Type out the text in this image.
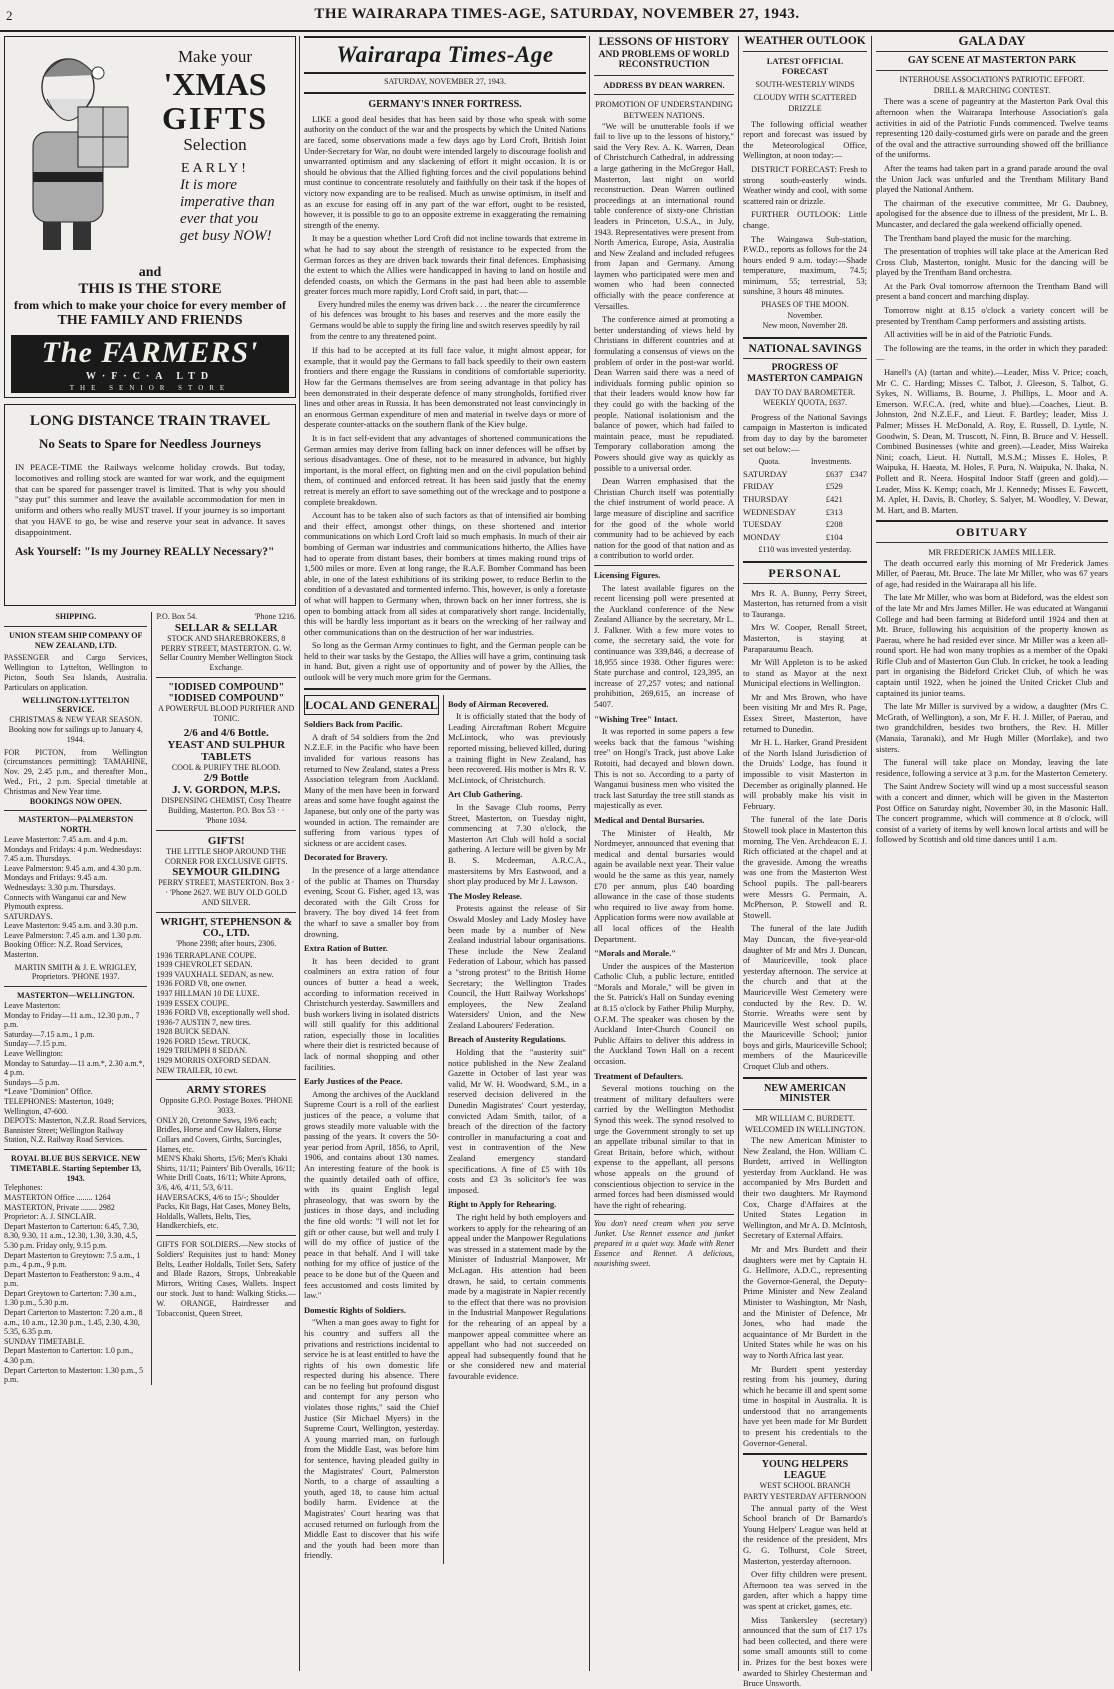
2	THE WAIRARAPA TIMES-AGE, SATURDAY, NOVEMBER 27, 1943.
Make your
'XMAS
GIFTS
Selection
EARLY!
It is more imperative than ever that you get busy NOW!
and
THIS IS THE STORE
from which to make your choice for every member of
THE FAMILY AND FRIENDS
The FARMERS'
W·F·C·A LTD
THE SENIOR STORE
LONG DISTANCE TRAIN TRAVEL
No Seats to Spare for Needless Journeys
IN PEACE-TIME the Railways welcome holiday crowds. But today, locomotives and rolling stock are wanted for war work, and the equipment that can be spared for passenger travel is limited. That is why you should "stay put" this summer and leave the available accommodation for men in uniform and others who really MUST travel. If your journey is so important that you HAVE to go, be wise and reserve your seat in advance. It saves disappointment.
Ask Yourself: "Is my Journey REALLY Necessary?"
SHIPPING.
UNION STEAM SHIP COMPANY OF NEW ZEALAND, LTD.
PASSENGER and Cargo Services, Wellington to Lyttelton, Wellington to Picton, South Sea Islands, Australia. Particulars on application.
WELLINGTON-LYTTELTON SERVICE.
CHRISTMAS & NEW YEAR SEASON.
Booking now for sailings up to January 4, 1944.
FOR PICTON, from Wellington (circumstances permitting): TAMAHINE, Nov. 29, 2.45 p.m., and thereafter Mon., Wed., Fri., 2 p.m. Special timetable at Christmas and New Year time.
BOOKINGS NOW OPEN.
MASTERTON—PALMERSTON NORTH.
Leave Masterton: 7.45 a.m. and 4 p.m. Mondays and Fridays: 4 p.m. Wednesdays: 7.45 a.m. Thursdays.
Leave Palmerston: 9.45 a.m. and 4.30 p.m. Mondays and Fridays: 9.45 a.m. Wednesdays: 3.30 p.m. Thursdays.
Connects with Wanganui car and New Plymouth express.
SATURDAYS.
Leave Masterton: 9.45 a.m. and 3.30 p.m.
Leave Palmerston: 7.45 a.m. and 1.30 p.m.
Booking Office: N.Z. Road Services, Masterton.
MARTIN SMITH & J. E. WRIGLEY, Proprietors. 'PHONE 1937.
MASTERTON—WELLINGTON.
Leave Masterton:
Monday to Friday—11 a.m., 12.30 p.m., 7 p.m.
Saturday—7.15 a.m., 1 p.m.
Sunday—7.15 p.m.
Leave Wellington:
Monday to Saturday—11 a.m.*, 2.30 a.m.*, 4 p.m.
Sundays—5 p.m.
*Leave "Dominion" Office.
TELEPHONES: Masterton, 1049; Wellington, 47-600.
DEPOTS: Masterton, N.Z.R. Road Services, Bannister Street; Wellington Railway Station, N.Z. Railway Road Services.
ROYAL BLUE BUS SERVICE. NEW TIMETABLE. Starting September 13, 1943.
Telephones:
MASTERTON Office ........ 1264
MASTERTON, Private ........ 2982
Proprietor: A. J. SINCLAIR.
Depart Masterton to Carterton: 6.45, 7.30, 8.30, 9.30, 11 a.m., 12.30, 1.30, 3.30, 4.5, 5.30 p.m. Friday only, 9.15 p.m.
Depart Masterton to Greytown: 7.5 a.m., 1 p.m., 4 p.m., 9 p.m.
Depart Masterton to Featherston: 9 a.m., 4 p.m.
Depart Greytown to Carterton: 7.30 a.m., 1.30 p.m., 5.30 p.m.
Depart Carterton to Masterton: 7.20 a.m., 8 a.m., 10 a.m., 12.30 p.m., 1.45, 2.30, 4.30, 5.35, 6.35 p.m.
SUNDAY TIMETABLE.
Depart Masterton to Carterton: 1.0 p.m., 4.30 p.m.
Depart Carterton to Masterton: 1.30 p.m., 5 p.m.
P.O. Box 54.	'Phone 1216.
SELLAR & SELLAR
STOCK AND SHAREBROKERS, 8 PERRY STREET, MASTERTON. G. W. Sellar Country Member Wellington Stock Exchange.
"IODISED COMPOUND"
"IODISED COMPOUND"
A POWERFUL BLOOD PURIFIER AND TONIC.
2/6 and 4/6 Bottle.
YEAST AND SULPHUR TABLETS
COOL & PURIFY THE BLOOD.
2/9 Bottle
J. V. GORDON, M.P.S.
DISPENSING CHEMIST, Cosy Theatre Building, Masterton. P.O. Box 53 · · 'Phone 1034.
GIFTS!
THE LITTLE SHOP AROUND THE CORNER FOR EXCLUSIVE GIFTS.
SEYMOUR GILDING
PERRY STREET, MASTERTON. Box 3 · · 'Phone 2627. WE BUY OLD GOLD AND SILVER.
WRIGHT, STEPHENSON & CO., LTD.
'Phone 2398; after hours, 2306.
1936 TERRAPLANE COUPE.
1939 CHEVROLET SEDAN.
1939 VAUXHALL SEDAN, as new.
1936 FORD V8, one owner.
1937 HILLMAN 10 DE LUXE.
1939 ESSEX COUPE.
1936 FORD V8, exceptionally well shod.
1936-7 AUSTIN 7, new tires.
1928 BUICK SEDAN.
1926 FORD 15cwt. TRUCK.
1929 TRIUMPH 8 SEDAN.
1929 MORRIS OXFORD SEDAN.
NEW TRAILER, 10 cwt.
ARMY STORES
Opposite G.P.O. Postage Boxes. 'PHONE 3033.
ONLY 20, Cretonne Saws, 19/6 each; Bridles, Horse and Cow Halters, Horse Collars and Covers, Girths, Surcingles, Hames, etc.
MEN'S Khaki Shorts, 15/6; Men's Khaki Shirts, 11/11; Painters' Bib Overalls, 16/11; White Drill Coats, 16/11; White Aprons, 3/6, 4/6, 4/11, 5/3, 6/11.
HAVERSACKS, 4/6 to 15/-; Shoulder Packs, Kit Bags, Hat Cases, Money Belts, Holdalls, Wallets, Belts, Ties, Handkerchiefs, etc.
GIFTS FOR SOLDIERS.—New stocks of Soldiers' Requisites just to hand: Money Belts, Leather Holdalls, Toilet Sets, Safety and Blade Razors, Strops, Unbreakable Mirrors, Writing Cases, Wallets. Inspect our stock. Just to hand: Walking Sticks.—W. ORANGE, Hairdresser and Tobacconist, Queen Street.
Wairarapa Times-Age
SATURDAY, NOVEMBER 27, 1943.
GERMANY'S INNER FORTRESS.

LIKE a good deal besides that has been said by those who speak with some authority on the conduct of the war and the prospects by which the United Nations are faced, some observations made a few days ago by Lord Croft, British Joint Under-Secretary for War, no doubt were intended largely to discourage foolish and unwarranted optimism and any slackening of effort it might occasion. It is or should be obvious that the Allied fighting forces and the civil populations behind must continue to concentrate resolutely and faithfully on their task if the hopes of victory now expanding are to be realised. Much as unwise optimism, in itself and as an excuse for easing off in any part of the war effort, ought to be resisted, however, it is possible to go to an opposite extreme in exaggerating the remaining strength of the enemy.

It may be a question whether Lord Croft did not incline towards that extreme in what he had to say about the strength of resistance to be expected from the German forces as they are driven back towards their final defences. Emphasising the extent to which the Allies were handicapped in having to land on hostile and defended coasts, on which the Germans in the past had been able to assemble greater forces much more rapidly, Lord Croft said, in part, that:—

Every hundred miles the enemy was driven back . . . the nearer the circumference of his defences was brought to his bases and reserves and the more easily the Germans would be able to supply the firing line and switch reserves speedily by rail from the centre to any threatened point.

If this had to be accepted at its full face value, it might almost appear, for example, that it would pay the Germans to fall back speedily to their own eastern frontiers and there engage the Russians in conditions of comfortable superiority. How far the Germans themselves are from seeing advantage in that policy has been demonstrated in their desperate defence of many strongholds, fortified river lines and other areas in Russia. It has been demonstrated not least convincingly in an enormous German expenditure of men and material in twelve days or more of desperate counter-attacks on the southern flank of the Kiev bulge.

It is in fact self-evident that any advantages of shortened communications the German armies may derive from falling back on inner defences will be offset by serious disadvantages. One of these, not to be measured in advance, but highly important, is the moral effect, on fighting men and on the civil population behind them, of continued and enforced retreat. It has been said justly that the enemy retreat is merely an effort to save something out of the wreckage and to postpone a complete breakdown.

Account has to be taken also of such factors as that of intensified air bombing and their effect, amongst other things, on these shortened and interior communications on which Lord Croft laid so much emphasis. In much of their air bombing of German war industries and communications hitherto, the Allies have had to operate from distant bases, their bombers at times making round trips of 1,500 miles or more. Even at long range, the R.A.F. Bomber Command has been able, in one of the latest exhibitions of its striking power, to reduce Berlin to the condition of a devastated and tormented inferno. This, however, is only a foretaste of what will happen to Germany when, thrown back on her inner fortress, she is open to bombing attack from all sides at comparatively short range. Incidentally, this will be hardly less important as it bears on the wrecking of her railway and other communications than on the destruction of her war industries.

So long as the German Army continues to fight, and the German people can be held to their war tasks by the Gestapo, the Allies will have a grim, continuing task in hand. But, given a right use of opportunity and of power by the Allies, the outlook will be very much more grim for the Germans.

LOCAL AND GENERAL
Soldiers Back from Pacific.

A draft of 54 soldiers from the 2nd N.Z.E.F. in the Pacific who have been invalided for various reasons has returned to New Zealand, states a Press Association telegram from Auckland. Many of the men have been in forward areas and some have fought against the Japanese, but only one of the party was wounded in action. The remainder are suffering from various types of sickness or are accident cases.

Decorated for Bravery.

In the presence of a large attendance of the public at Thames on Thursday evening, Scout G. Fisher, aged 13, was decorated with the Gilt Cross for bravery. The boy dived 14 feet from the wharf to save a smaller boy from drowning.

Extra Ration of Butter.

It has been decided to grant coalminers an extra ration of four ounces of butter a head a week, according to information received in Christchurch yesterday. Sawmillers and bush workers living in isolated districts will still qualify for this additional ration, especially those in localities where their diet is restricted because of lack of normal shopping and other facilities.

Early Justices of the Peace.

Among the archives of the Auckland Supreme Court is a roll of the earliest justices of the peace, a volume that grows steadily more valuable with the passing of the years. It covers the 50-year period from April, 1856, to April, 1906, and contains about 130 names. An interesting feature of the book is the quaintly detailed oath of office, with its quaint English legal phraseology, that was sworn by the justices in those days, and including the fine old words: "I will not let for gift or other cause, but well and truly I will do my office of justice of the peace in that behalf. And I will take nothing for my office of justice of the peace to be done but of the Queen and fees accustomed and costs limited by law."

Domestic Rights of Soldiers.

"When a man goes away to fight for his country and suffers all the privations and restrictions incidental to service he is at least entitled to have the rights of his own domestic life respected during his absence. There can be no feeling but profound disgust and contempt for any person who violates those rights," said the Chief Justice (Sir Michael Myers) in the Supreme Court, Wellington, yesterday. A young married man, on furlough from the Middle East, was before him for sentence, having pleaded guilty in the Magistrates' Court, Palmerston North, to a charge of assaulting a youth, aged 18, to cause him actual bodily harm. Evidence at the Magistrates' Court hearing was that accused returned on furlough from the Middle East to discover that his wife and the youth had been more than friendly.

Body of Airman Recovered.

It is officially stated that the body of Leading Aircraftman Robert Mcguire McLintock, who was previously reported missing, believed killed, during a training flight in New Zealand, has been recovered. His mother is Mrs R. V. McLintock, of Christchurch.

Art Club Gathering.

In the Savage Club rooms, Perry Street, Masterton, on Tuesday night, commencing at 7.30 o'clock, the Masterton Art Club will hold a social gathering. A lecture will be given by Mr B. S. Mcdeeman, A.R.C.A., mastersitems by Mrs Eastwood, and a short play produced by Mr J. Lawson.

The Mosley Release.

Protests against the release of Sir Oswald Mosley and Lady Mosley have been made by a number of New Zealand industrial labour organisations. These include the New Zealand Federation of Labour, which has passed a "strong protest" to the British Home Secretary; the Wellington Trades Council, the Hutt Railway Workshops' employees, the New Zealand Watersiders' Union, and the New Zealand Labourers' Federation.

Breach of Austerity Regulations.

Holding that the "austerity suit" notice published in the New Zealand Gazette in October of last year was valid, Mr W. H. Woodward, S.M., in a reserved decision delivered in the Dunedin Magistrates' Court yesterday, convicted Adam Smith, tailor, of a breach of the direction of the factory controller in manufacturing a coat and vest in contravention of the New Zealand emergency standard specifications. A fine of £5 with 10s costs and £3 3s solicitor's fee was imposed.

Right to Apply for Rehearing.

The right held by both employers and workers to apply for the rehearing of an appeal under the Manpower Regulations was stressed in a statement made by the Minister of Industrial Manpower, Mr McLagan. His attention had been drawn, he said, to certain comments made by a magistrate in Napier recently to the effect that there was no provision in the Industrial Manpower Regulations for the rehearing of an appeal by a manpower appeal committee where an appellant who had not succeeded on appeal had subsequently found that he or she considered new and material favourable evidence.

LESSONS OF HISTORY
AND PROBLEMS OF WORLD RECONSTRUCTION
ADDRESS BY DEAN WARREN.
PROMOTION OF UNDERSTANDING BETWEEN NATIONS.

"We will be unutterable fools if we fail to live up to the lessons of history," said the Very Rev. A. K. Warren, Dean of Christchurch Cathedral, in addressing a large gathering in the McGregor Hall, Masterton, last night on world reconstruction. Dean Warren outlined proceedings at an international round table conference of sixty-one Christian leaders in Princeton, U.S.A., in July, 1943. Representatives were present from North America, Europe, Asia, Australia and New Zealand and included refugees from Japan and Germany. Among laymen who participated were men and women who had been connected officially with the peace conference at Versailles.

The conference aimed at promoting a better understanding of views held by Christians in different countries and at formulating a consensus of views on the problem of order in the post-war world. Dean Warren said there was a need of individuals forming public opinion so that their leaders would know how far they could go with the backing of the people. National isolationism and the balance of power, which had failed to maintain peace, must be repudiated. Temporary collaboration among the Powers should give way as quickly as possible to a universal order.

Dean Warren emphasised that the Christian Church itself was potentially the chief instrument of world peace. A large measure of discipline and sacrifice for the good of the whole world community had to be achieved by each nation for the good of that nation and as a contribution to world order.

Licensing Figures.

The latest available figures on the recent licensing poll were presented at the Auckland conference of the New Zealand Alliance by the secretary, Mr L. J. Falkner. With a few more votes to come, the secretary said, the vote for continuance was 339,846, a decrease of 18,955 since 1938. Other figures were: State purchase and control, 123,395, an increase of 27,257 votes; and national prohibition, 269,615, an increase of 5407.

"Wishing Tree" Intact.

It was reported in some papers a few weeks back that the famous "wishing tree" on Hongi's Track, just above Lake Rotoiti, had decayed and blown down. This is not so. According to a party of Wanganui business men who visited the track last Saturday the tree still stands as majestically as ever.

Medical and Dental Bursaries.

The Minister of Health, Mr Nordmeyer, announced that evening that medical and dental bursaries would again be available next year. Their value would be the same as this year, namely £70 per annum, plus £40 boarding allowance in the case of those students who required to live away from home. Application forms were now available at all local offices of the Health Department.

"Morals and Morale."

Under the auspices of the Masterton Catholic Club, a public lecture, entitled "Morals and Morale," will be given in the St. Patrick's Hall on Sunday evening at 8.15 o'clock by Father Philip Murphy, O.F.M. The speaker was chosen by the Auckland Inter-Church Council on Public Affairs to deliver this address in the Auckland Town Hall on a recent occasion.

Treatment of Defaulters.

Several motions touching on the treatment of military defaulters were carried by the Wellington Methodist Synod this week. The synod resolved to urge the Government strongly to set up an appellate tribunal similar to that in Great Britain, before which, without expense to the appellant, all persons whose appeals on the ground of conscientious objection to service in the armed forces had been dismissed would have the right of rehearing.

You don't need cream when you serve Junket. Use Rennet essence and junket prepared in a quiet way. Made with Renet Essence and Rennet. A delicious, nourishing sweet.
WEATHER OUTLOOK
LATEST OFFICIAL FORECAST
SOUTH-WESTERLY WINDS
CLOUDY WITH SCATTERED DRIZZLE

The following official weather report and forecast was issued by the Meteorological Office, Wellington, at noon today:—

DISTRICT FORECAST: Fresh to strong south-easterly winds. Weather windy and cool, with some scattered rain or drizzle.

FURTHER OUTLOOK: Little change.

The Waingawa Sub-station, P.W.D., reports as follows for the 24 hours ended 9 a.m. today:—Shade temperature, maximum, 74.5; minimum, 55; terrestrial, 53; sunshine, 3 hours 48 minutes.

PHASES OF THE MOON.
November.
New moon, November 28.
NATIONAL SAVINGS
PROGRESS OF MASTERTON CAMPAIGN
DAY TO DAY BAROMETER.
WEEKLY QUOTA, £637.

Progress of the National Savings campaign in Masterton is indicated from day to day by the barometer set out below:—

Quota.	Investments.
SATURDAY	£637	£347
FRIDAY	£529	
THURSDAY	£421	
WEDNESDAY	£313	
TUESDAY	£208	
MONDAY	£104	
£110 was invested yesterday.
PERSONAL

Mrs R. A. Bunny, Perry Street, Masterton, has returned from a visit to Tauranga.

Mrs W. Cooper, Renall Street, Masterton, is staying at Paraparaumu Beach.

Mr Will Appleton is to be asked to stand as Mayor at the next Municipal elections in Wellington.

Mr and Mrs Brown, who have been visiting Mr and Mrs R. Page, Essex Street, Masterton, have returned to Dunedin.

Mr H. L. Harker, Grand President of the North Island Jurisdiction of the Druids' Lodge, has found it impossible to visit Masterton in December as originally planned. He will probably make his visit in February.

The funeral of the late Doris Stowell took place in Masterton this morning. The Ven. Archdeacon E. J. Rich officiated at the chapel and at the graveside. Among the wreaths was one from the Masterton West School pupils. The pall-bearers were Messrs G. Permain, A. McPherson, P. Stowell and R. Stowell.

The funeral of the late Judith May Duncan, the five-year-old daughter of Mr and Mrs J. Duncan, of Mauriceville, took place yesterday afternoon. The service at the church and that at the Mauriceville West Cemetery were conducted by the Rev. D. W. Storrie. Wreaths were sent by Mauriceville West school pupils, the Mauriceville School; junior boys and girls, Mauriceville School; members of the Mauriceville Croquet Club and others.

NEW AMERICAN MINISTER
MR WILLIAM C. BURDETT.
WELCOMED IN WELLINGTON.

The new American Minister to New Zealand, the Hon. William C. Burdett, arrived in Wellington yesterday from Auckland. He was accompanied by Mrs Burdett and their two daughters. Mr Raymond Cox, Charge d'Affaires at the United States Legation in Wellington, and Mr A. D. McIntosh, Secretary of External Affairs.

Mr and Mrs Burdett and their daughters were met by Captain H. G. Hellmore, A.D.C., representing the Governor-General, the Deputy-Prime Minister and New Zealand Minister to Washington, Mr Nash, and the Minister of Defence, Mr Jones, who had made the acquaintance of Mr Burdett in the United States while he was on his way to North Africa last year.

Mr Burdett spent yesterday resting from his journey, during which he became ill and spent some time in hospital in Australia. It is understood that no arrangements have yet been made for Mr Burdett to present his credentials to the Governor-General.

YOUNG HELPERS LEAGUE
WEST SCHOOL BRANCH
PARTY YESTERDAY AFTERNOON

The annual party of the West School branch of Dr Barnardo's Young Helpers' League was held at the residence of the president, Mrs G. G. Tolhurst, Cole Street, Masterton, yesterday afternoon.

Over fifty children were present. Afternoon tea was served in the garden, after which a happy time was spent at cricket, games, etc.

Miss Tankersley (secretary) announced that the sum of £17 17s had been collected, and there were some small amounts still to come in. Prizes for the best boxes were awarded to Shirley Chesterman and Bruce Unsworth.

GALA DAY
GAY SCENE AT MASTERTON PARK
INTERHOUSE ASSOCIATION'S PATRIOTIC EFFORT.
DRILL & MARCHING CONTEST.

There was a scene of pageantry at the Masterton Park Oval this afternoon when the Wairarapa Interhouse Association's gala activities in aid of the Patriotic Funds commenced. Twelve teams representing 120 daily-costumed girls were on parade and the green of the oval and the attractive surrounding showed off the brilliance of the uniforms.

After the teams had taken part in a grand parade around the oval the Union Jack was unfurled and the Trentham Military Band played the National Anthem.

The chairman of the executive committee, Mr G. Daubney, apologised for the absence due to illness of the president, Mr L. B. Muncaster, and declared the gala weekend officially opened.

The Trentham band played the music for the marching.

The presentation of trophies will take place at the American Red Cross Club, Masterton, tonight. Music for the dancing will be played by the Trentham Band orchestra.

At the Park Oval tomorrow afternoon the Trentham Band will present a band concert and marching display.

Tomorrow night at 8.15 o'clock a variety concert will be presented by Trentham Camp performers and assisting artists.

All activities will be in aid of the Patriotic Funds.

The following are the teams, in the order in which they paraded:—

Hanell's (A) (tartan and white).—Leader, Miss V. Price; coach, Mr C. C. Harding; Misses C. Talbot, J. Gleeson, S. Talbot, G. Sykes, N. Williams, B. Bourne, J. Phillips, L. Moor and A. Emerson. W.F.C.A. (red, white and blue).—Coaches, Lieut. B. Johnston, 2nd N.Z.E.F., and Lieut. F. Bartley; leader, Miss J. Palmer; Misses H. McDonald, A. Roy, E. Russell, D. Lyttle, N. Goodwin, S. Dean, M. Truscott, N. Finn, B. Bruce and V. Hessell. Combined Businesses (white and green).—Leader, Miss Waireka Nini; coach, Lieut. H. Nuttall, M.S.M.; Misses E. Holes, P. Waipuka, H. Haeata, M. Holes, F. Pura, N. Waipuka, N. Ihaka, N. Pollett and R. Neera. Hospital Indoor Staff (green and gold).—Leader, Miss K. Kemp; coach, Mr J. Kennedy; Misses E. Fawcett, M. Aplet, H. Davis, B. Chorley, S. Salyer, M. Woodley, V. Dewar, M. Hart, and B. Marten.

OBITUARY
MR FREDERICK JAMES MILLER.

The death occurred early this morning of Mr Frederick James Miller, of Paerau, Mt. Bruce. The late Mr Miller, who was 67 years of age, had resided in the Wairarapa all his life.

The late Mr Miller, who was born at Bideford, was the eldest son of the late Mr and Mrs James Miller. He was educated at Wanganui College and had been farming at Bideford until 1924 and then at Mt. Bruce, following his acquisition of the property known as Paerau, where he had resided ever since. Mr Miller was a keen all-round sport. He had won many trophies as a member of the Opaki Rifle Club and of Masterton Gun Club. In cricket, he took a leading part in organising the Bideford Cricket Club, of which he was captain until 1922, when he joined the United Cricket Club and captained its junior teams.

The late Mr Miller is survived by a widow, a daughter (Mrs C. McGrath, of Wellington), a son, Mr F. H. J. Miller, of Paerau, and two grandchildren, besides two brothers, the Rev. H. Miller (Manaia, Taranaki), and Mr Hugh Miller (Mortlake), and two sisters.

The funeral will take place on Monday, leaving the late residence, following a service at 3 p.m. for the Masterton Cemetery.

The Saint Andrew Society will wind up a most successful season with a concert and dinner, which will be given in the Masterton Post Office on Saturday night, November 30, in the Masonic Hall. The concert programme, which will commence at 8 o'clock, will consist of a variety of items by well known local artists and will be followed by Scottish and old time dances until 1 a.m.
